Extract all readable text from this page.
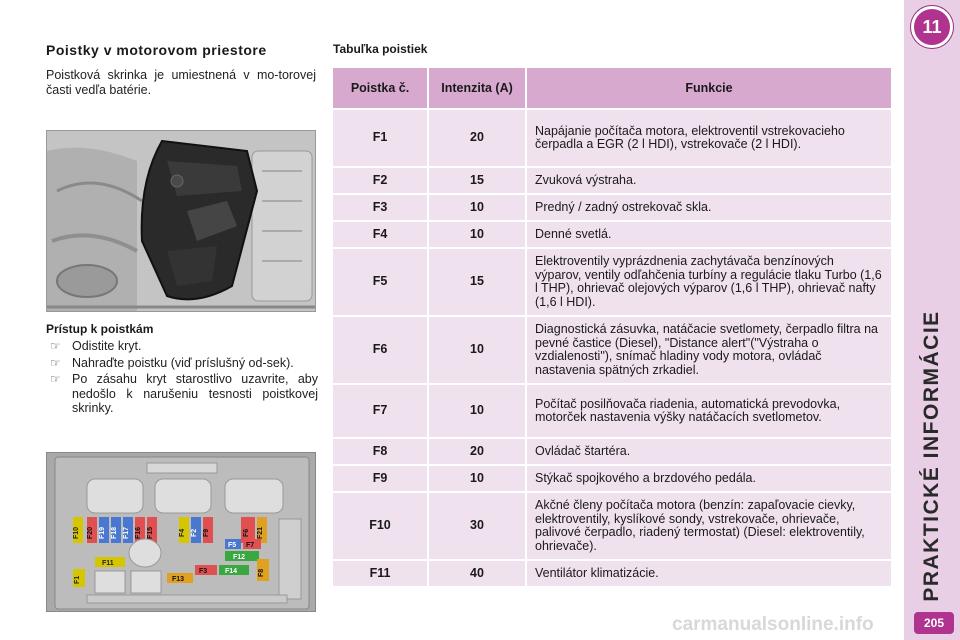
Poistky v motorovom priestore

Poistková skrinka je umiestnená v mo-torovej časti vedľa batérie.

Prístup k poistkám
☞ Odistite kryt.
☞ Nahraďte poistku (viď príslušný od-sek).
☞ Po zásahu kryt starostlivo uzavrite, aby nedošlo k narušeniu tesnosti poistkovej skrinky.
F10 F20 F19 F18 F17 F16 F15	F4 F2 F9	F6 F21
F5 F7
F12
F11
F1
F3	F14	F8
F13
Tabuľka poistiek
Poistka č.	Intenzita (A)	Funkcie
F1	20	Napájanie počítača motora, elektroventil vstrekovacieho čerpadla a EGR (2 l HDI), vstrekovače (2 l HDI).
F2	15	Zvuková výstraha.
F3	10	Predný / zadný ostrekovač skla.
F4	10	Denné svetlá.
F5	15	Elektroventily vyprázdnenia zachytávača benzínových výparov, ventily odľahčenia turbíny a regulácie tlaku Turbo (1,6 l THP), ohrievač olejových výparov (1,6 l THP), ohrievač nafty (1,6 l HDI).
F6	10	Diagnostická zásuvka, natáčacie svetlomety, čerpadlo filtra na pevné častice (Diesel), "Distance alert"("Výstraha o vzdialenosti"), snímač hladiny vody motora, ovládač nastavenia spätných zrkadiel.
F7	10	Počítač posilňovača riadenia, automatická prevodovka, motorček nastavenia výšky natáčacích svetlometov.
F8	20	Ovládač štartéra.
F9	10	Stýkač spojkového a brzdového pedála.
F10	30	Akčné členy počítača motora (benzín: zapaľovacie cievky, elektroventily, kyslíkové sondy, vstrekovače, ohrievače, palivové čerpadlo, riadený termostat) (Diesel: elektroventily, ohrievače).
F11	40	Ventilátor klimatizácie.
11
PRAKTICKÉ INFORMÁCIE
205
carmanualsonline.info
